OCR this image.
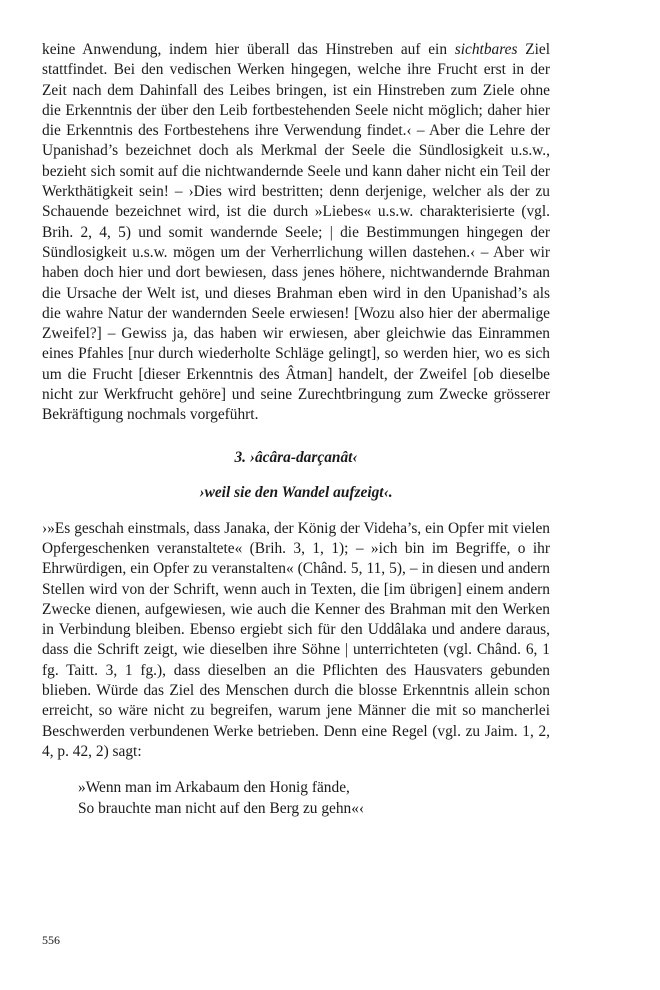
keine Anwendung, indem hier überall das Hinstreben auf ein sichtbares Ziel stattfindet. Bei den vedischen Werken hingegen, welche ihre Frucht erst in der Zeit nach dem Dahinfall des Leibes bringen, ist ein Hinstreben zum Ziele ohne die Erkenntnis der über den Leib fortbestehenden Seele nicht möglich; daher hier die Erkenntnis des Fortbestehens ihre Verwendung findet.‹ – Aber die Lehre der Upanishad’s bezeichnet doch als Merkmal der Seele die Sündlosigkeit u.s.w., bezieht sich somit auf die nichtwandernde Seele und kann daher nicht ein Teil der Werkthätigkeit sein! – ›Dies wird bestritten; denn derjenige, welcher als der zu Schauende bezeichnet wird, ist die durch »Liebes« u.s.w. charakterisierte (vgl. Brih. 2, 4, 5) und somit wandernde Seele; | die Bestimmungen hingegen der Sündlosigkeit u.s.w. mögen um der Verherrlichung willen dastehen.‹ – Aber wir haben doch hier und dort bewiesen, dass jenes höhere, nichtwandernde Brahman die Ursache der Welt ist, und dieses Brahman eben wird in den Upanishad’s als die wahre Natur der wandernden Seele erwiesen! [Wozu also hier der abermalige Zweifel?] – Gewiss ja, das haben wir erwiesen, aber gleichwie das Einrammen eines Pfahles [nur durch wiederholte Schläge gelingt], so werden hier, wo es sich um die Frucht [dieser Erkenntnis des Âtman] handelt, der Zweifel [ob dieselbe nicht zur Werkfrucht gehöre] und seine Zurechtbringung zum Zwecke grösserer Bekräftigung nochmals vorgeführt.

3. ›âcâra-darçanât‹
›weil sie den Wandel aufzeigt‹.

›»Es geschah einstmals, dass Janaka, der König der Videha’s, ein Opfer mit vielen Opfergeschenken veranstaltete« (Brih. 3, 1, 1); – »ich bin im Begriffe, o ihr Ehrwürdigen, ein Opfer zu veranstalten« (Chând. 5, 11, 5), – in diesen und andern Stellen wird von der Schrift, wenn auch in Texten, die [im übrigen] einem andern Zwecke dienen, aufgewiesen, wie auch die Kenner des Brahman mit den Werken in Verbindung bleiben. Ebenso ergiebt sich für den Uddâlaka und andere daraus, dass die Schrift zeigt, wie dieselben ihre Söhne | unterrichteten (vgl. Chând. 6, 1 fg. Taitt. 3, 1 fg.), dass dieselben an die Pflichten des Hausvaters gebunden blieben. Würde das Ziel des Menschen durch die blosse Erkenntnis allein schon erreicht, so wäre nicht zu begreifen, warum jene Männer die mit so mancherlei Beschwerden verbundenen Werke betrieben. Denn eine Regel (vgl. zu Jaim. 1, 2, 4, p. 42, 2) sagt:

»Wenn man im Arkabaum den Honig fände,
So brauchte man nicht auf den Berg zu gehn«‹
556
